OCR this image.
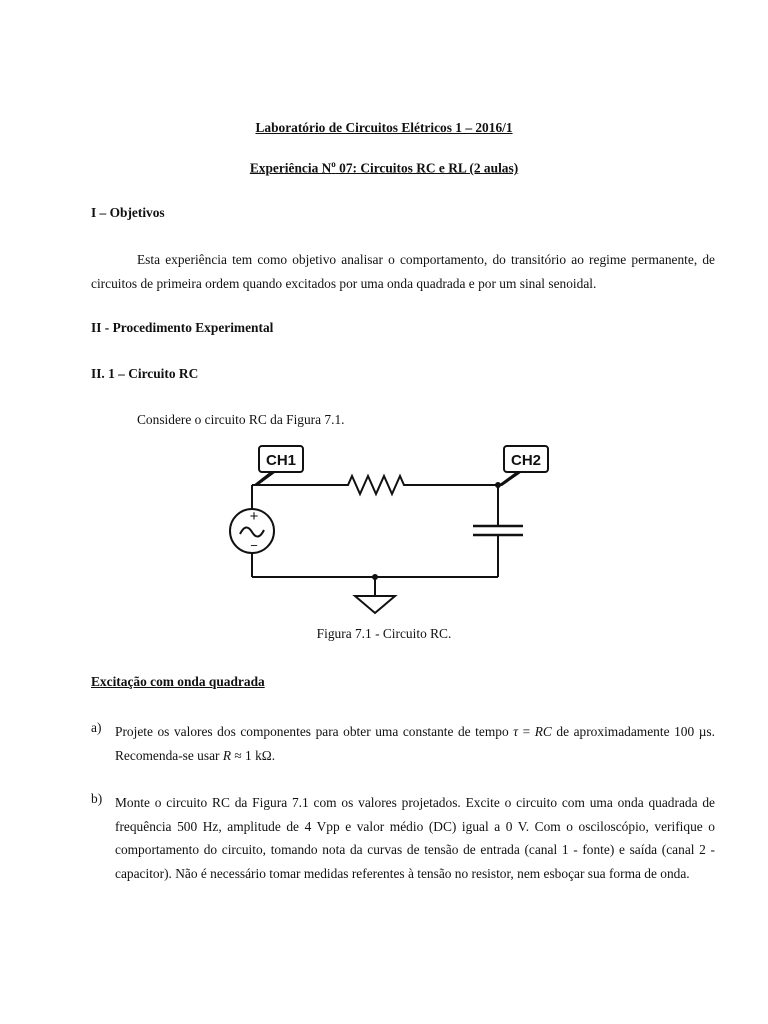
Laboratório de Circuitos Elétricos 1 – 2016/1
Experiência $N^o$ 07: Circuitos RC e RL (2 aulas)
I – Objetivos
Esta experiência tem como objetivo analisar o comportamento, do transitório ao regime permanente, de circuitos de primeira ordem quando excitados por uma onda quadrada e por um sinal senoidal.
II - Procedimento Experimental
II. 1 – Circuito RC
Considere o circuito RC da Figura 7.1.
CH1	CH2
+
−
Figura 7.1 - Circuito RC.
Excitação com onda quadrada
a) Projete os valores dos componentes para obter uma constante de tempo τ = RC de aproximadamente 100 µs. Recomenda-se usar R ≈ 1 kΩ.
b) Monte o circuito RC da Figura 7.1 com os valores projetados. Excite o circuito com uma onda quadrada de frequência 500 Hz, amplitude de 4 Vpp e valor médio (DC) igual a 0 V. Com o osciloscópio, verifique o comportamento do circuito, tomando nota da curvas de tensão de entrada (canal 1 - fonte) e saída (canal 2 - capacitor). Não é necessário tomar medidas referentes à tensão no resistor, nem esboçar sua forma de onda.
